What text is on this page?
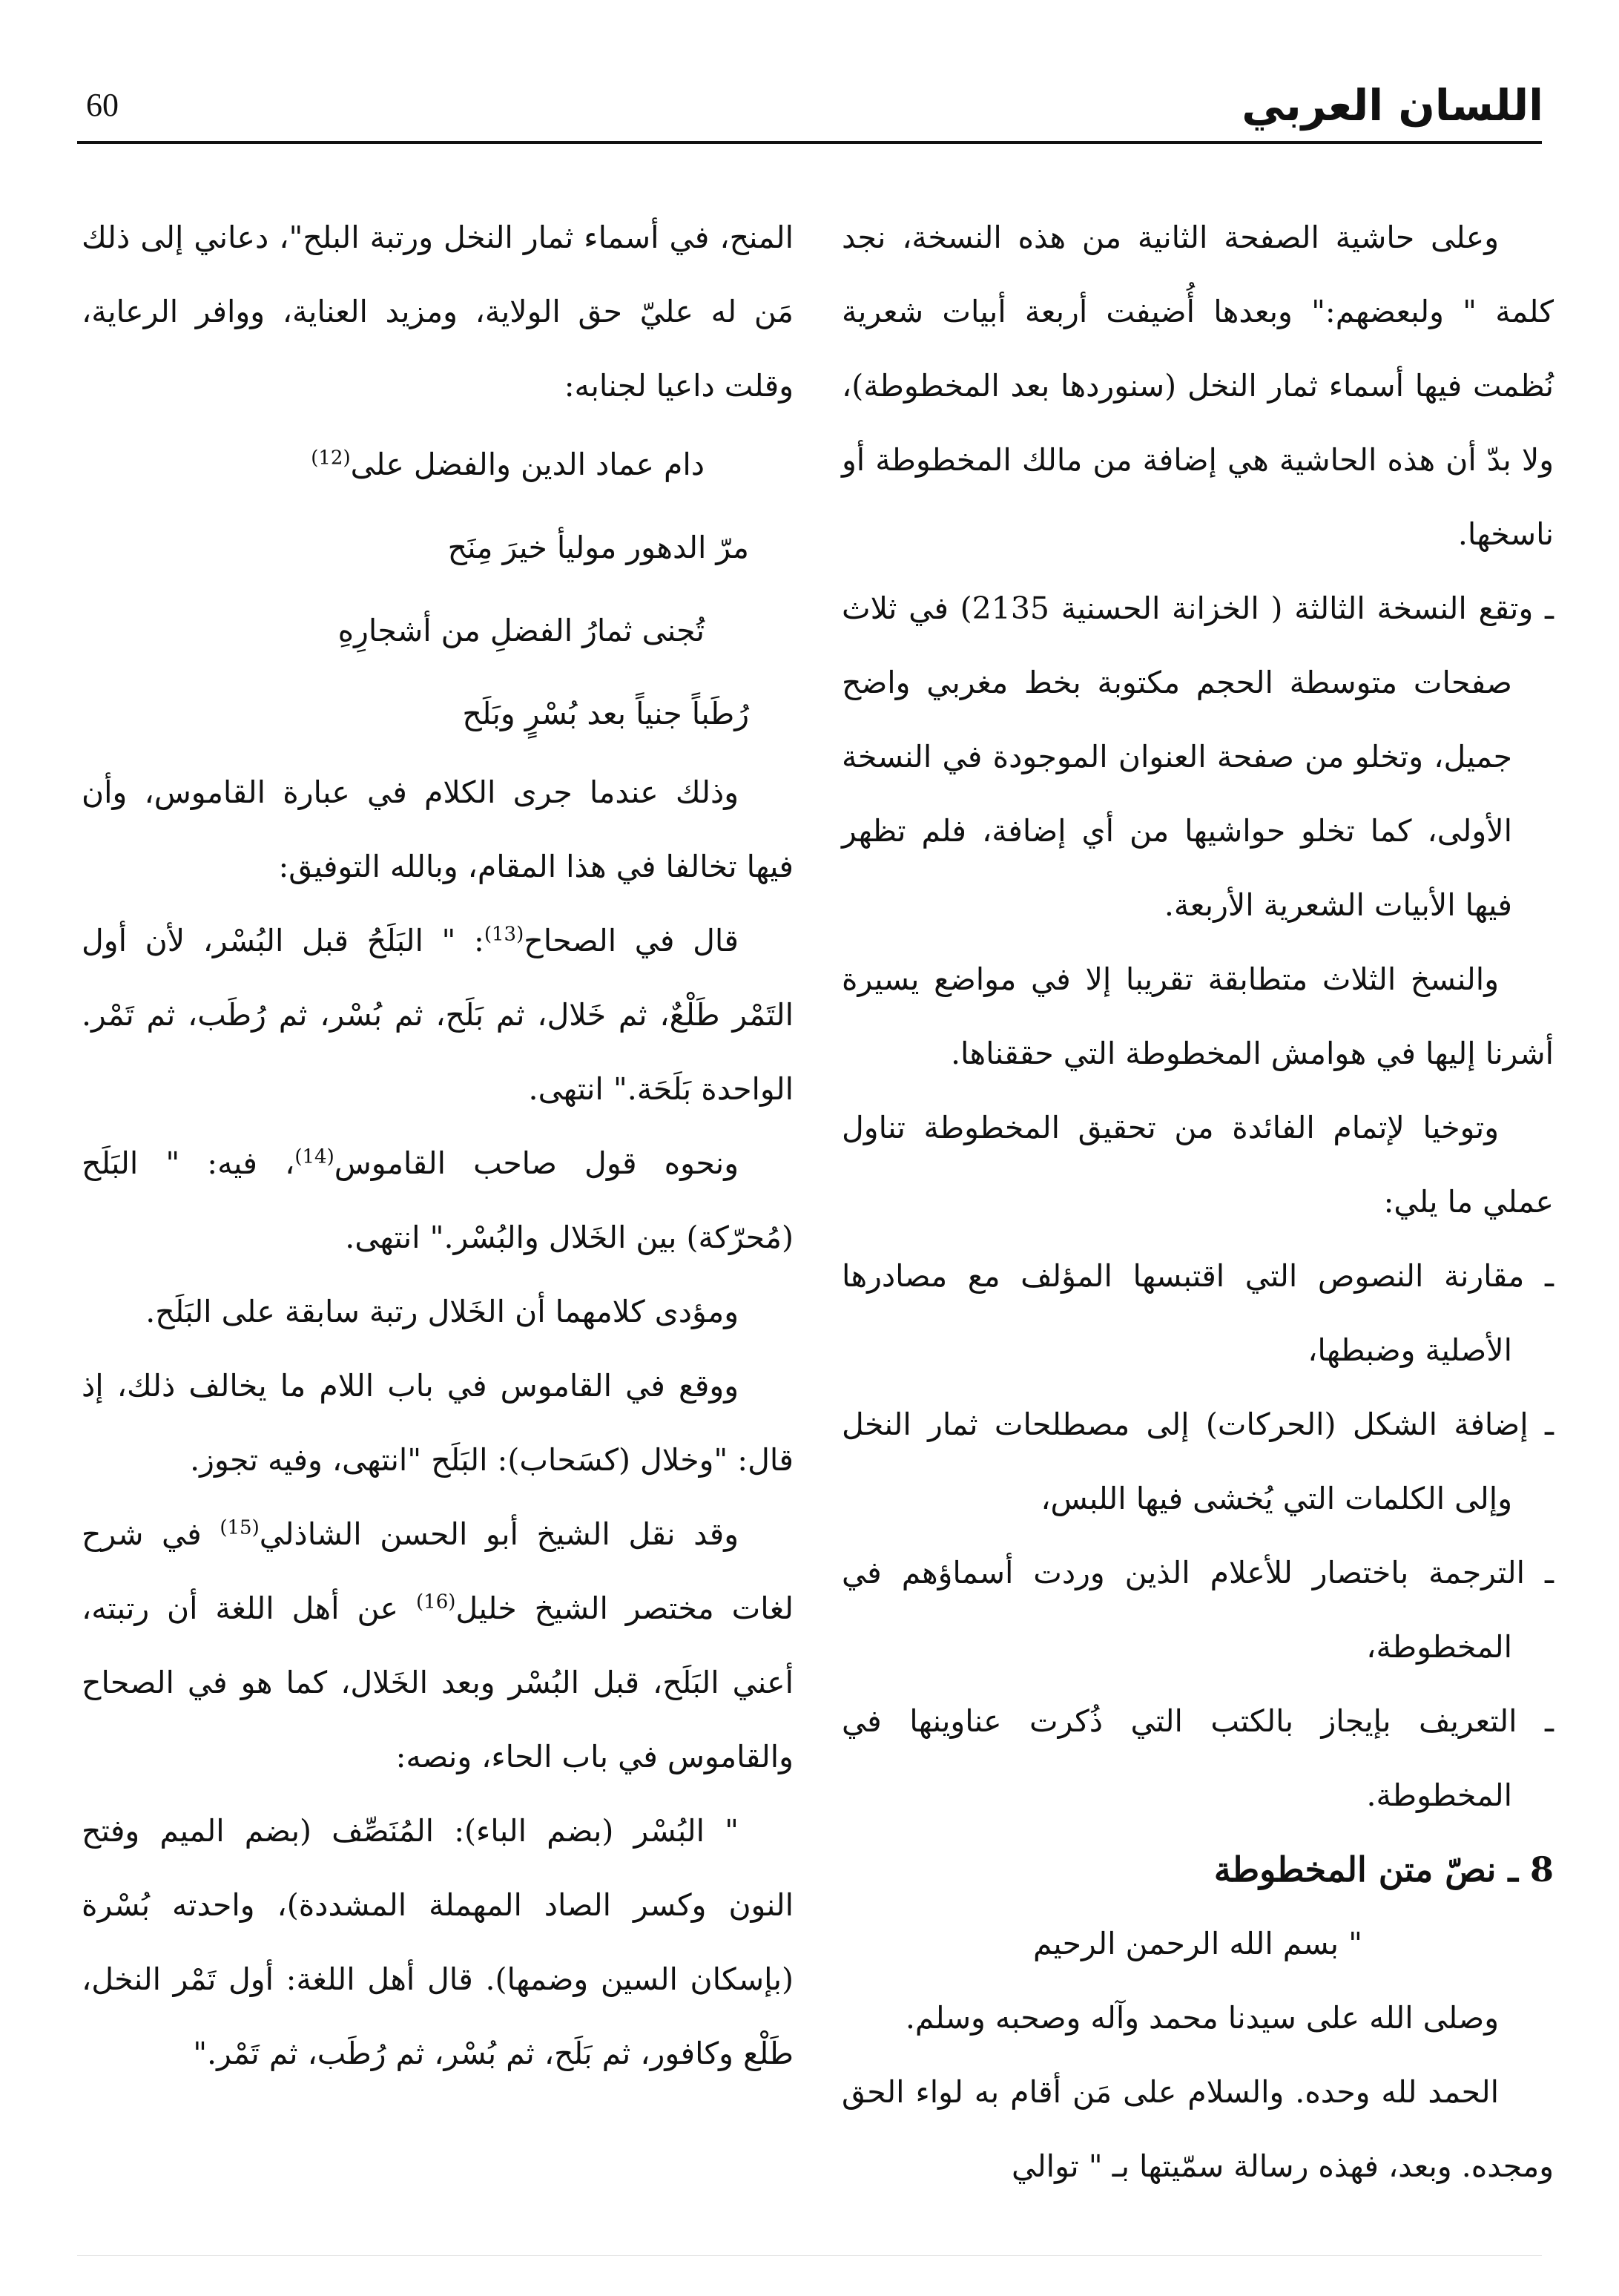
60	اللسان العربي

وعلى حاشية الصفحة الثانية من هذه النسخة، نجد كلمة " ولبعضهم:" وبعدها أُضيفت أربعة أبيات شعرية نُظمت فيها أسماء ثمار النخل (سنوردها بعد المخطوطة)، ولا بدّ أن هذه الحاشية هي إضافة من مالك المخطوطة أو ناسخها.

ـ وتقع النسخة الثالثة ( الخزانة الحسنية 2135) في ثلاث صفحات متوسطة الحجم مكتوبة بخط مغربي واضح جميل، وتخلو من صفحة العنوان الموجودة في النسخة الأولى، كما تخلو حواشيها من أي إضافة، فلم تظهر فيها الأبيات الشعرية الأربعة.

والنسخ الثلاث متطابقة تقريبا إلا في مواضع يسيرة أشرنا إليها في هوامش المخطوطة التي حققناها.

وتوخيا لإتمام الفائدة من تحقيق المخطوطة تناول عملي ما يلي:

ـ مقارنة النصوص التي اقتبسها المؤلف مع مصادرها الأصلية وضبطها،

ـ إضافة الشكل (الحركات) إلى مصطلحات ثمار النخل وإلى الكلمات التي يُخشى فيها اللبس،

ـ الترجمة باختصار للأعلام الذين وردت أسماؤهم في المخطوطة،

ـ التعريف بإيجاز بالكتب التي ذُكرت عناوينها في المخطوطة.

8 ـ نصّ متن المخطوطة

" بسم الله الرحمن الرحيم

وصلى الله على سيدنا محمد وآله وصحبه وسلم.

الحمد لله وحده. والسلام على مَن أقام به لواء الحق ومجده. وبعد، فهذه رسالة سمّيتها بـ " توالي

المنح، في أسماء ثمار النخل ورتبة البلح"، دعاني إلى ذلك مَن له عليّ حق الولاية، ومزيد العناية، ووافر الرعاية، وقلت داعيا لجنابه:

دام عماد الدين والفضل على$^{(12)}$

مرّ الدهور موليأ خيرَ مِنَح

تُجنى ثمارُ الفضلِ من أشجارِهِ

رُطَباً جنياً بعد بُسْرٍ وبَلَح

وذلك عندما جرى الكلام في عبارة القاموس، وأن فيها تخالفا في هذا المقام، وبالله التوفيق:

قال في الصحاح$^{(13)}$: " البَلَحُ قبل البُسْر، لأن أول التَمْر طَلْعٌ، ثم خَلال، ثم بَلَح، ثم بُسْر، ثم رُطَب، ثم تَمْر. الواحدة بَلَحَة." انتهى.

ونحوه قول صاحب القاموس$^{(14)}$، فيه: " البَلَح (مُحرّكة) بين الخَلال والبُسْر." انتهى.

ومؤدى كلامهما أن الخَلال رتبة سابقة على البَلَح.

ووقع في القاموس في باب اللام ما يخالف ذلك، إذ قال: "وخلال (كسَحاب): البَلَح "انتهى، وفيه تجوز.

وقد نقل الشيخ أبو الحسن الشاذلي$^{(15)}$ في شرح لغات مختصر الشيخ خليل$^{(16)}$ عن أهل اللغة أن رتبته، أعني البَلَح، قبل البُسْر وبعد الخَلال، كما هو في الصحاح والقاموس في باب الحاء، ونصه:

" البُسْر (بضم الباء): المُنَصِّف (بضم الميم وفتح النون وكسر الصاد المهملة المشددة)، واحدته بُسْرة (بإسكان السين وضمها). قال أهل اللغة: أول تَمْر النخل، طَلْع وكافور، ثم بَلَح، ثم بُسْر، ثم رُطَب، ثم تَمْر."
